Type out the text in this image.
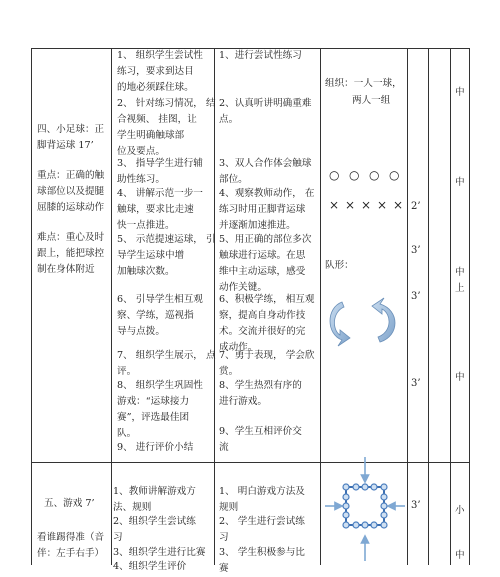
四、小足球：正
脚背运球 17’
重点：正确的触
球部位以及提腿
屈膝的运球动作
难点：重心及时
跟上，能把球控
制在身体附近
五、游戏 7’
看谁踢得准（音
伴：左手右手）
1、 组织学生尝试性
练习，要求到达目
的地必须踩住球。
2、 针对练习情况， 结
合视频、 挂图，让
学生明确触球部
位及要点。
3、 指导学生进行辅
助性练习。
4、 讲解示范一步一
触球，要求比走速
快一点推进。
5、 示范提速运球， 引
导学生运球中增
加触球次数。
6、 引导学生相互观
察、学练，巡视指
导与点拨。
7、 组织学生展示， 点
评。
8、 组织学生巩固性
游戏：“运球接力
赛”，评选最佳团
队。
9、 进行评价小结
1、教师讲解游戏方
法、规则
2、组织学生尝试练
习
3、组织学生进行比赛
4、组织学生评价
1、进行尝试性练习
2、认真听讲明确重难
点。
3、双人合作体会触球
部位。
4、观察教师动作， 在
练习时用正脚背运球
并逐渐加速推进。
5、用正确的部位多次
触球进行运球。在思
维中主动运球，感受
动作关键。
6、积极学练， 相互观
察，提高自身动作技
术。交流并很好的完
成动作。
7、勇于表现， 学会欣
赏。
8、学生热烈有序的
进行游戏。
9、学生互相评价交
流
1、 明白游戏方法及
规则
2、 学生进行尝试练
习
3、 学生积极参与比
赛
组织：一人一球，
两人一组
○ ○ ○ ○
× × × × ×
队形：
2’
3’
3’
3’
3’
中
中
中上
中
小
中
